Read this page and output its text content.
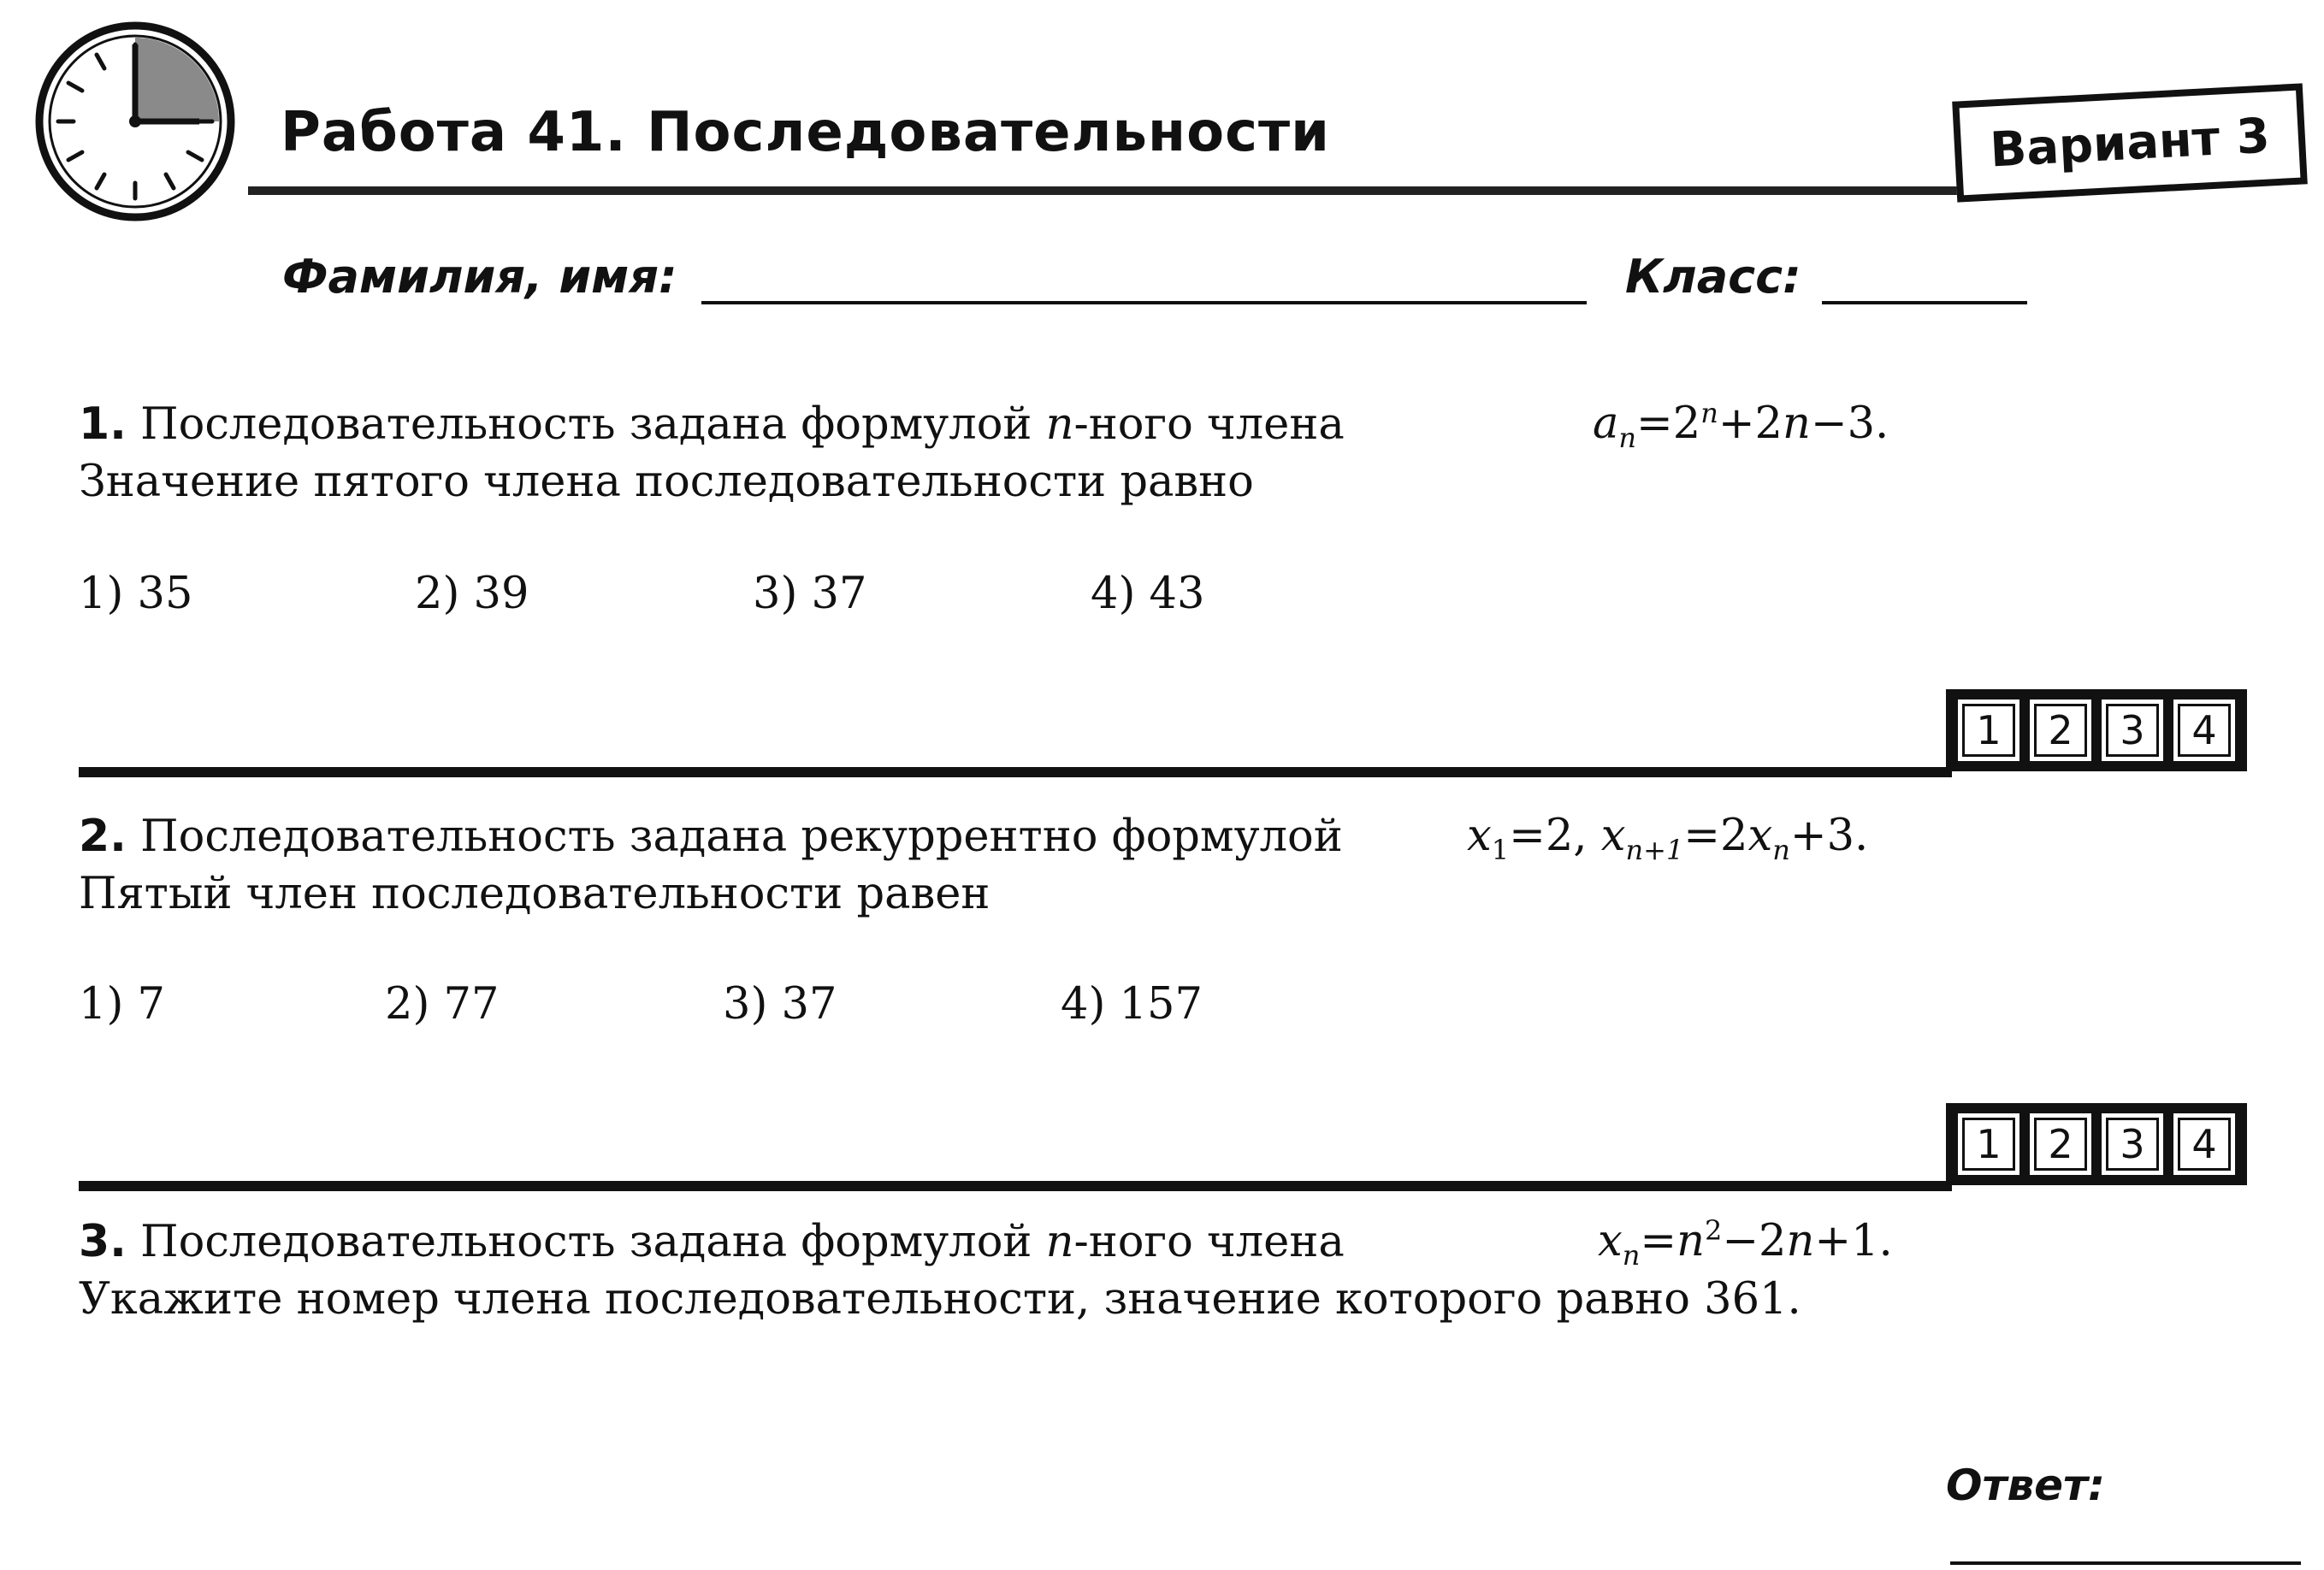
Работа 41. Последовательности	Вариант 3
Фамилия, имя:	Класс:
1. Последовательность задана формулой n-ного члена	$a_n=2^n+2n-3$.
Значение пятого члена последовательности равно
1) 35	2) 39	3) 37	4) 43
1	2	3	4
2. Последовательность задана рекуррентно формулой	$x_1=2$, $x_{n+1}=2x_n+3$.
Пятый член последовательности равен
1) 7	2) 77	3) 37	4) 157
1	2	3	4
3. Последовательность задана формулой n-ного члена	$x_n=n^2-2n+1$.
Укажите номер члена последовательности, значение которого равно 361.
Ответ:
